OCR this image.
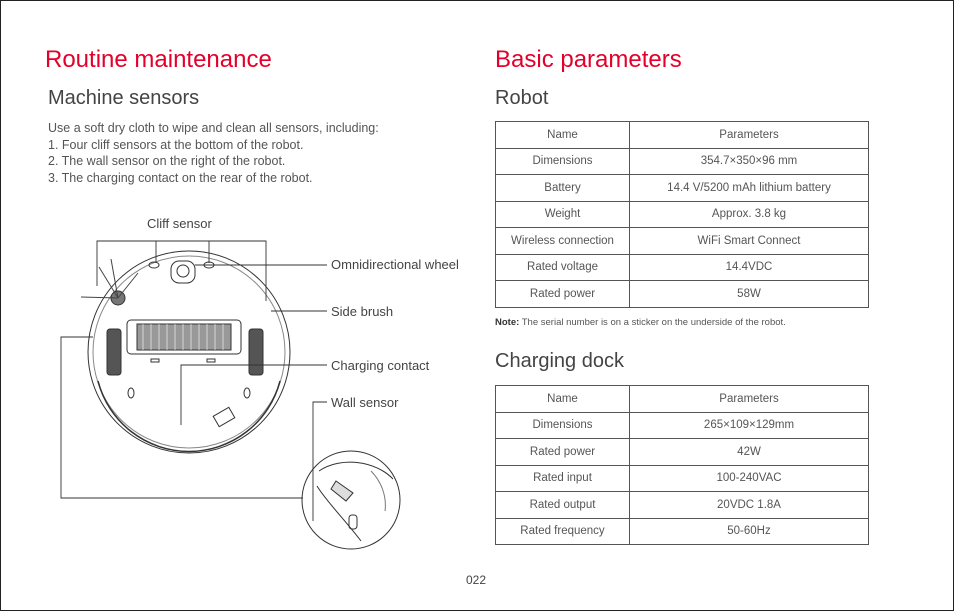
Routine maintenance
Machine sensors
Use a soft dry cloth to wipe and clean all sensors, including:
1. Four cliff sensors at the bottom of the robot.
2. The wall sensor on the right of the robot.
3. The charging contact on the rear of the robot.
Cliff sensor
Omnidirectional wheel
Side brush
Charging contact
Wall sensor
Basic parameters
Robot
Name	Parameters
Dimensions	354.7×350×96 mm
Battery	14.4 V/5200 mAh lithium battery
Weight	Approx. 3.8 kg
Wireless connection	WiFi Smart Connect
Rated voltage	14.4VDC
Rated power	58W
Note: The serial number is on a sticker on the underside of the robot.
Charging dock
Name	Parameters
Dimensions	265×109×129mm
Rated power	42W
Rated input	100-240VAC
Rated output	20VDC 1.8A
Rated frequency	50-60Hz
022
